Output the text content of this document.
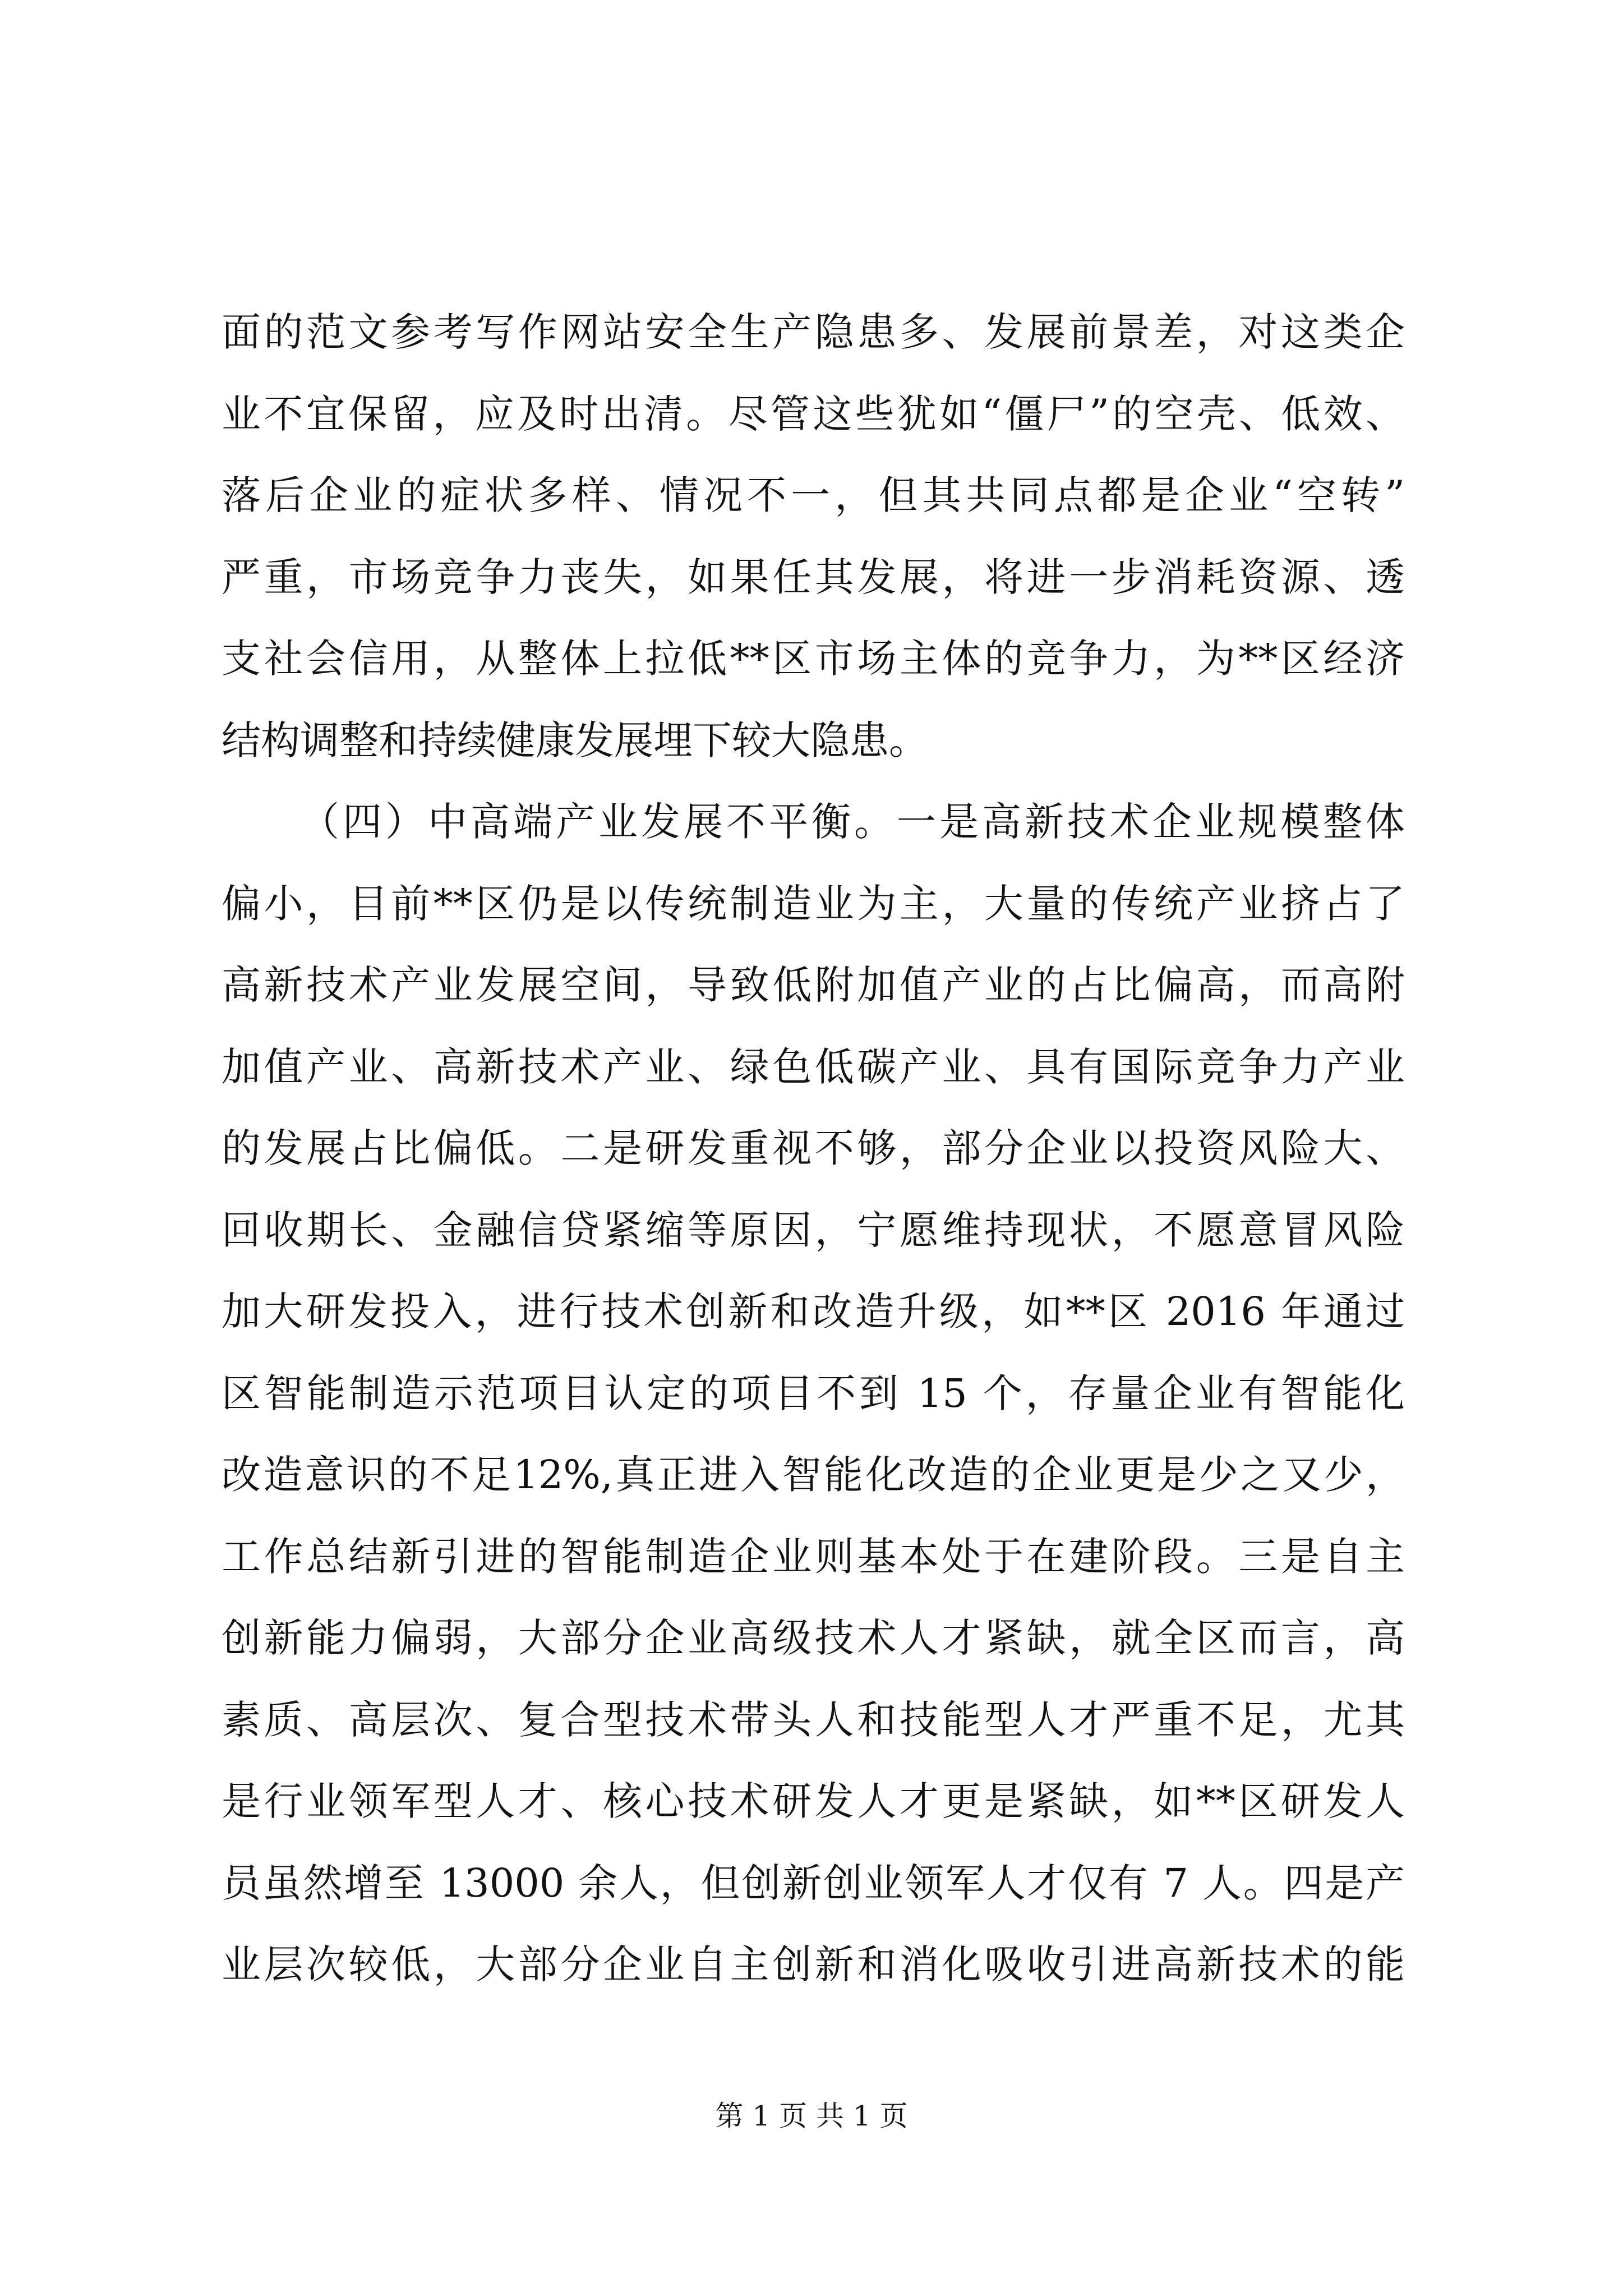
面的范文参考写作网站安全生产隐患多、发展前景差，对这类企
业不宜保留，应及时出清。尽管这些犹如“僵尸”的空壳、低效、
落后企业的症状多样、情况不一，但其共同点都是企业“空转”
严重，市场竞争力丧失，如果任其发展，将进一步消耗资源、透
支社会信用，从整体上拉低**区市场主体的竞争力，为**区经济
结构调整和持续健康发展埋下较大隐患。
（四）中高端产业发展不平衡。一是高新技术企业规模整体
偏小，目前**区仍是以传统制造业为主，大量的传统产业挤占了
高新技术产业发展空间，导致低附加值产业的占比偏高，而高附
加值产业、高新技术产业、绿色低碳产业、具有国际竞争力产业
的发展占比偏低。二是研发重视不够，部分企业以投资风险大、
回收期长、金融信贷紧缩等原因，宁愿维持现状，不愿意冒风险
加大研发投入，进行技术创新和改造升级，如**区 2016 年通过
区智能制造示范项目认定的项目不到 15 个，存量企业有智能化
改造意识的不足12%,真正进入智能化改造的企业更是少之又少，
工作总结新引进的智能制造企业则基本处于在建阶段。三是自主
创新能力偏弱，大部分企业高级技术人才紧缺，就全区而言，高
素质、高层次、复合型技术带头人和技能型人才严重不足，尤其
是行业领军型人才、核心技术研发人才更是紧缺，如**区研发人
员虽然增至 13000 余人，但创新创业领军人才仅有 7 人。四是产
业层次较低，大部分企业自主创新和消化吸收引进高新技术的能
第 1 页 共 1 页
